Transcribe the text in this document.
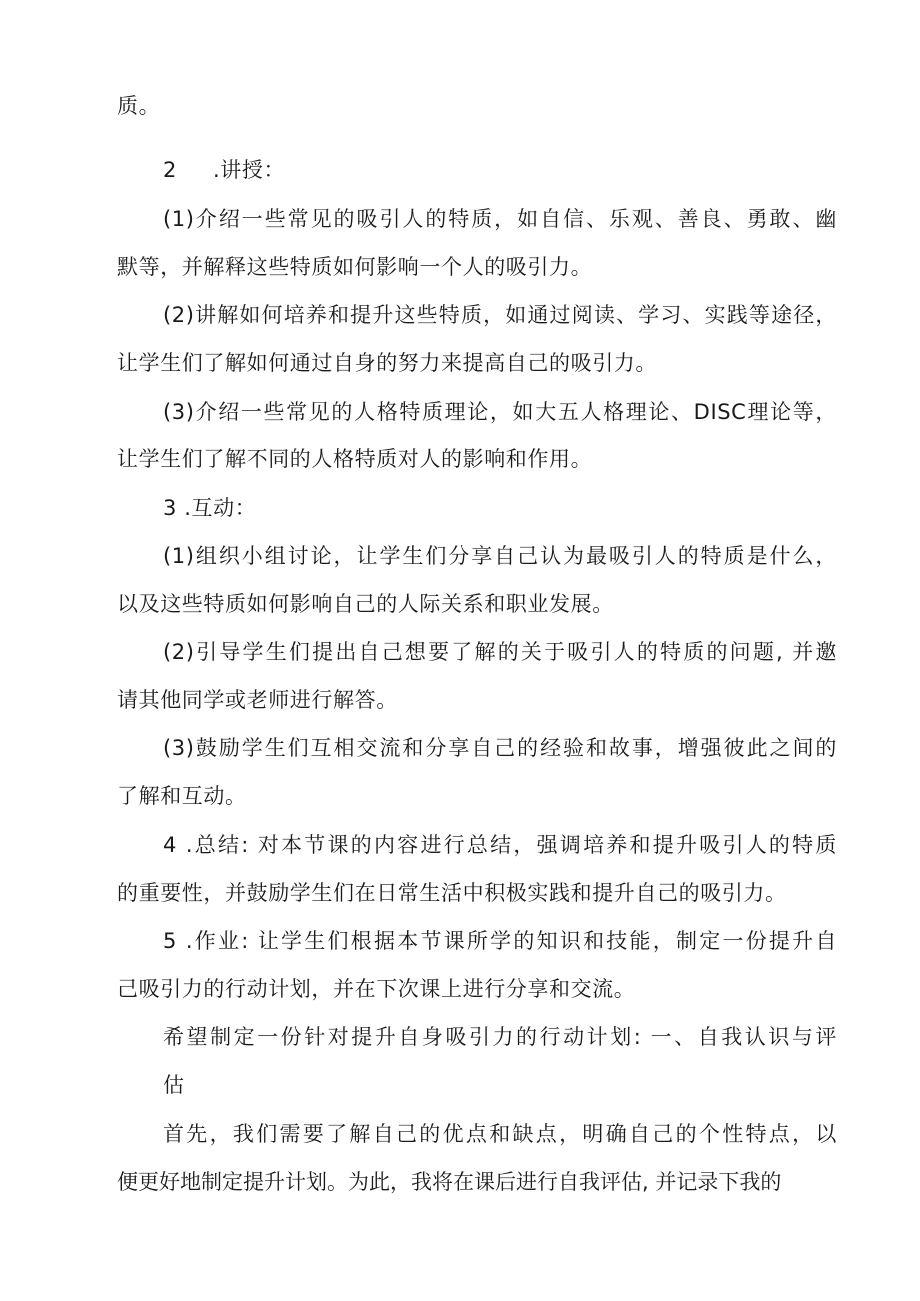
质。
2 .讲授：
(1)介绍一些常见的吸引人的特质，如自信、乐观、善良、勇敢、幽
默等，并解释这些特质如何影响一个人的吸引力。
(2)讲解如何培养和提升这些特质，如通过阅读、学习、实践等途径，
让学生们了解如何通过自身的努力来提高自己的吸引力。
(3)介绍一些常见的人格特质理论，如大五人格理论、DISC理论等，
让学生们了解不同的人格特质对人的影响和作用。
3 .互动：
(1)组织小组讨论，让学生们分享自己认为最吸引人的特质是什么，
以及这些特质如何影响自己的人际关系和职业发展。
(2)引导学生们提出自己想要了解的关于吸引人的特质的问题, 并邀
请其他同学或老师进行解答。
(3)鼓励学生们互相交流和分享自己的经验和故事，增强彼此之间的
了解和互动。
4 .总结: 对本节课的内容进行总结，强调培养和提升吸引人的特质
的重要性，并鼓励学生们在日常生活中积极实践和提升自己的吸引力。
5 .作业: 让学生们根据本节课所学的知识和技能，制定一份提升自
己吸引力的行动计划，并在下次课上进行分享和交流。
希望制定一份针对提升自身吸引力的行动计划: 一、自我认识与评
估
首先，我们需要了解自己的优点和缺点，明确自己的个性特点，以
便更好地制定提升计划。为此，我将在课后进行自我评估, 并记录下我的
